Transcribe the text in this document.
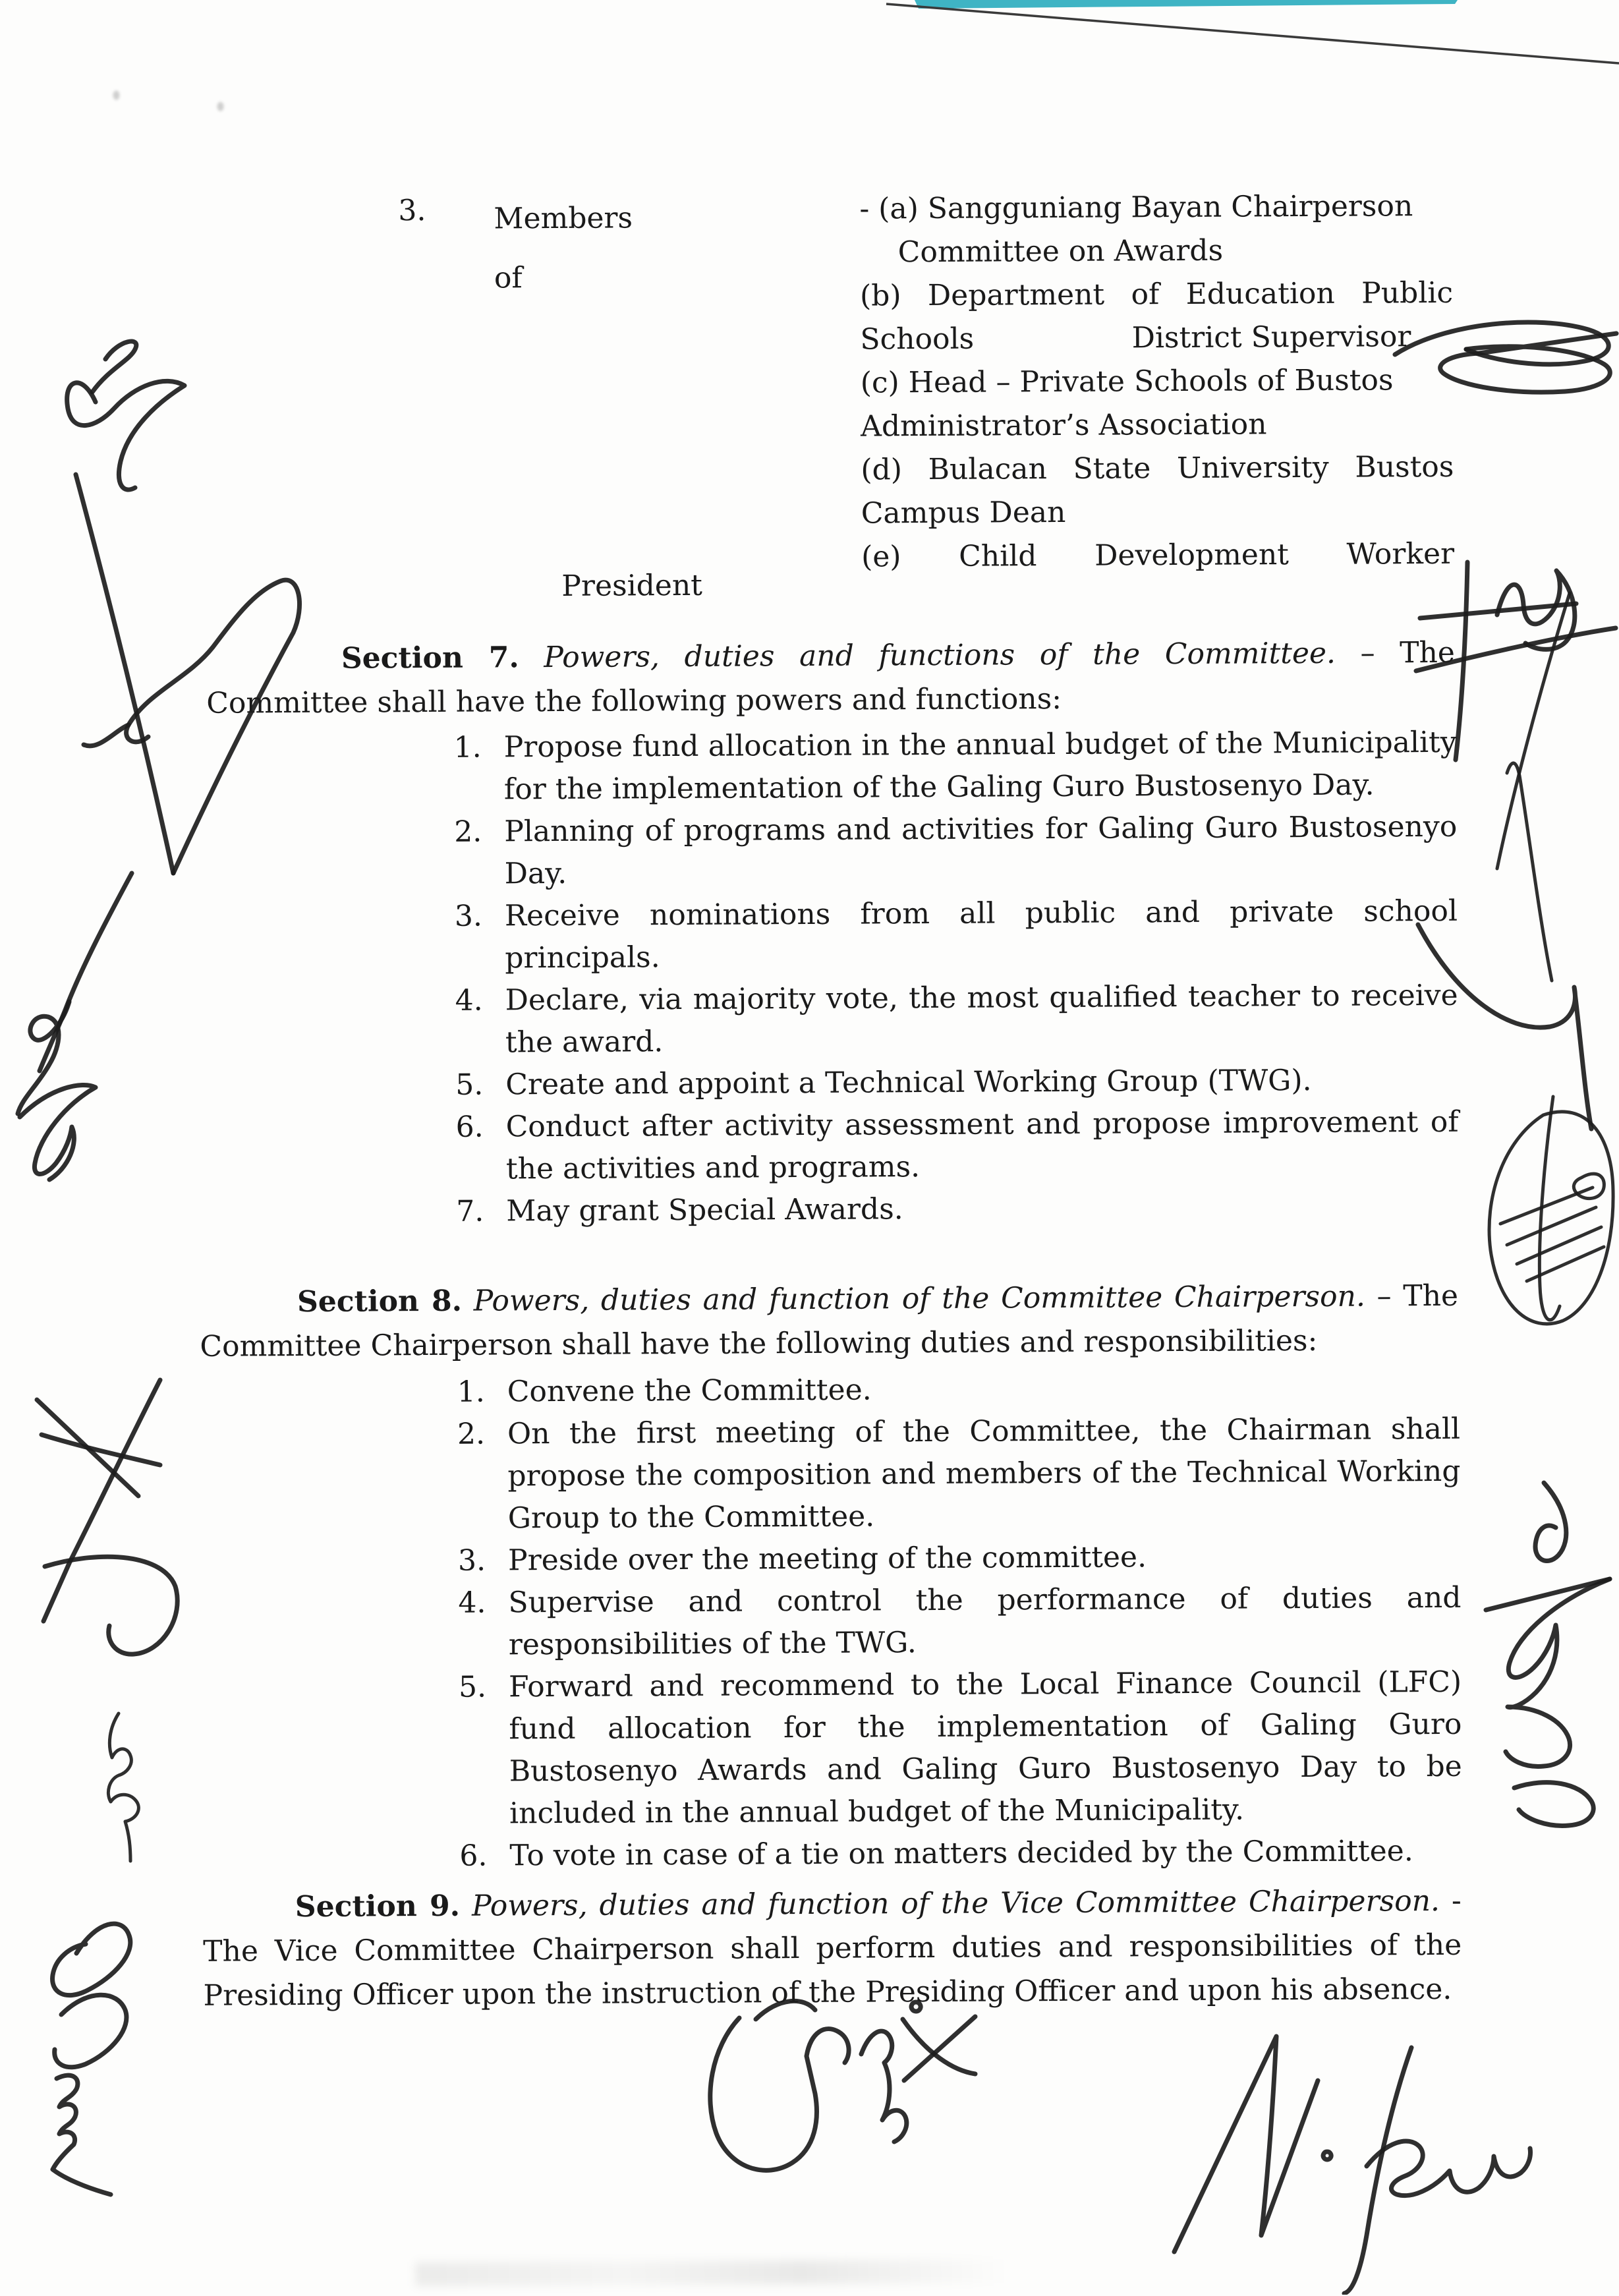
3.	Members
of
- (a) Sangguniang Bayan Chairperson
Committee on Awards
(b) Department of Education Public
Schools	District Supervisor
(c) Head – Private Schools of Bustos
Administrator’s Association
(d) Bulacan State University Bustos
Campus Dean
(e) Child Development Worker
President
Section 7. Powers, duties and functions of the Committee. – The Committee shall have the following powers and functions:
1. Propose fund allocation in the annual budget of the Municipality for the implementation of the Galing Guro Bustosenyo Day.
2. Planning of programs and activities for Galing Guro Bustosenyo Day.
3. Receive nominations from all public and private school principals.
4. Declare, via majority vote, the most qualified teacher to receive the award.
5. Create and appoint a Technical Working Group (TWG).
6. Conduct after activity assessment and propose improvement of the activities and programs.
7. May grant Special Awards.
Section 8. Powers, duties and function of the Committee Chairperson. – The Committee Chairperson shall have the following duties and responsibilities:
1. Convene the Committee.
2. On the first meeting of the Committee, the Chairman shall propose the composition and members of the Technical Working Group to the Committee.
3. Preside over the meeting of the committee.
4. Supervise and control the performance of duties and responsibilities of the TWG.
5. Forward and recommend to the Local Finance Council (LFC) fund allocation for the implementation of Galing Guro Bustosenyo Awards and Galing Guro Bustosenyo Day to be included in the annual budget of the Municipality.
6. To vote in case of a tie on matters decided by the Committee.
Section 9. Powers, duties and function of the Vice Committee Chairperson. - The Vice Committee Chairperson shall perform duties and responsibilities of the Presiding Officer upon the instruction of the Presiding Officer and upon his absence.
